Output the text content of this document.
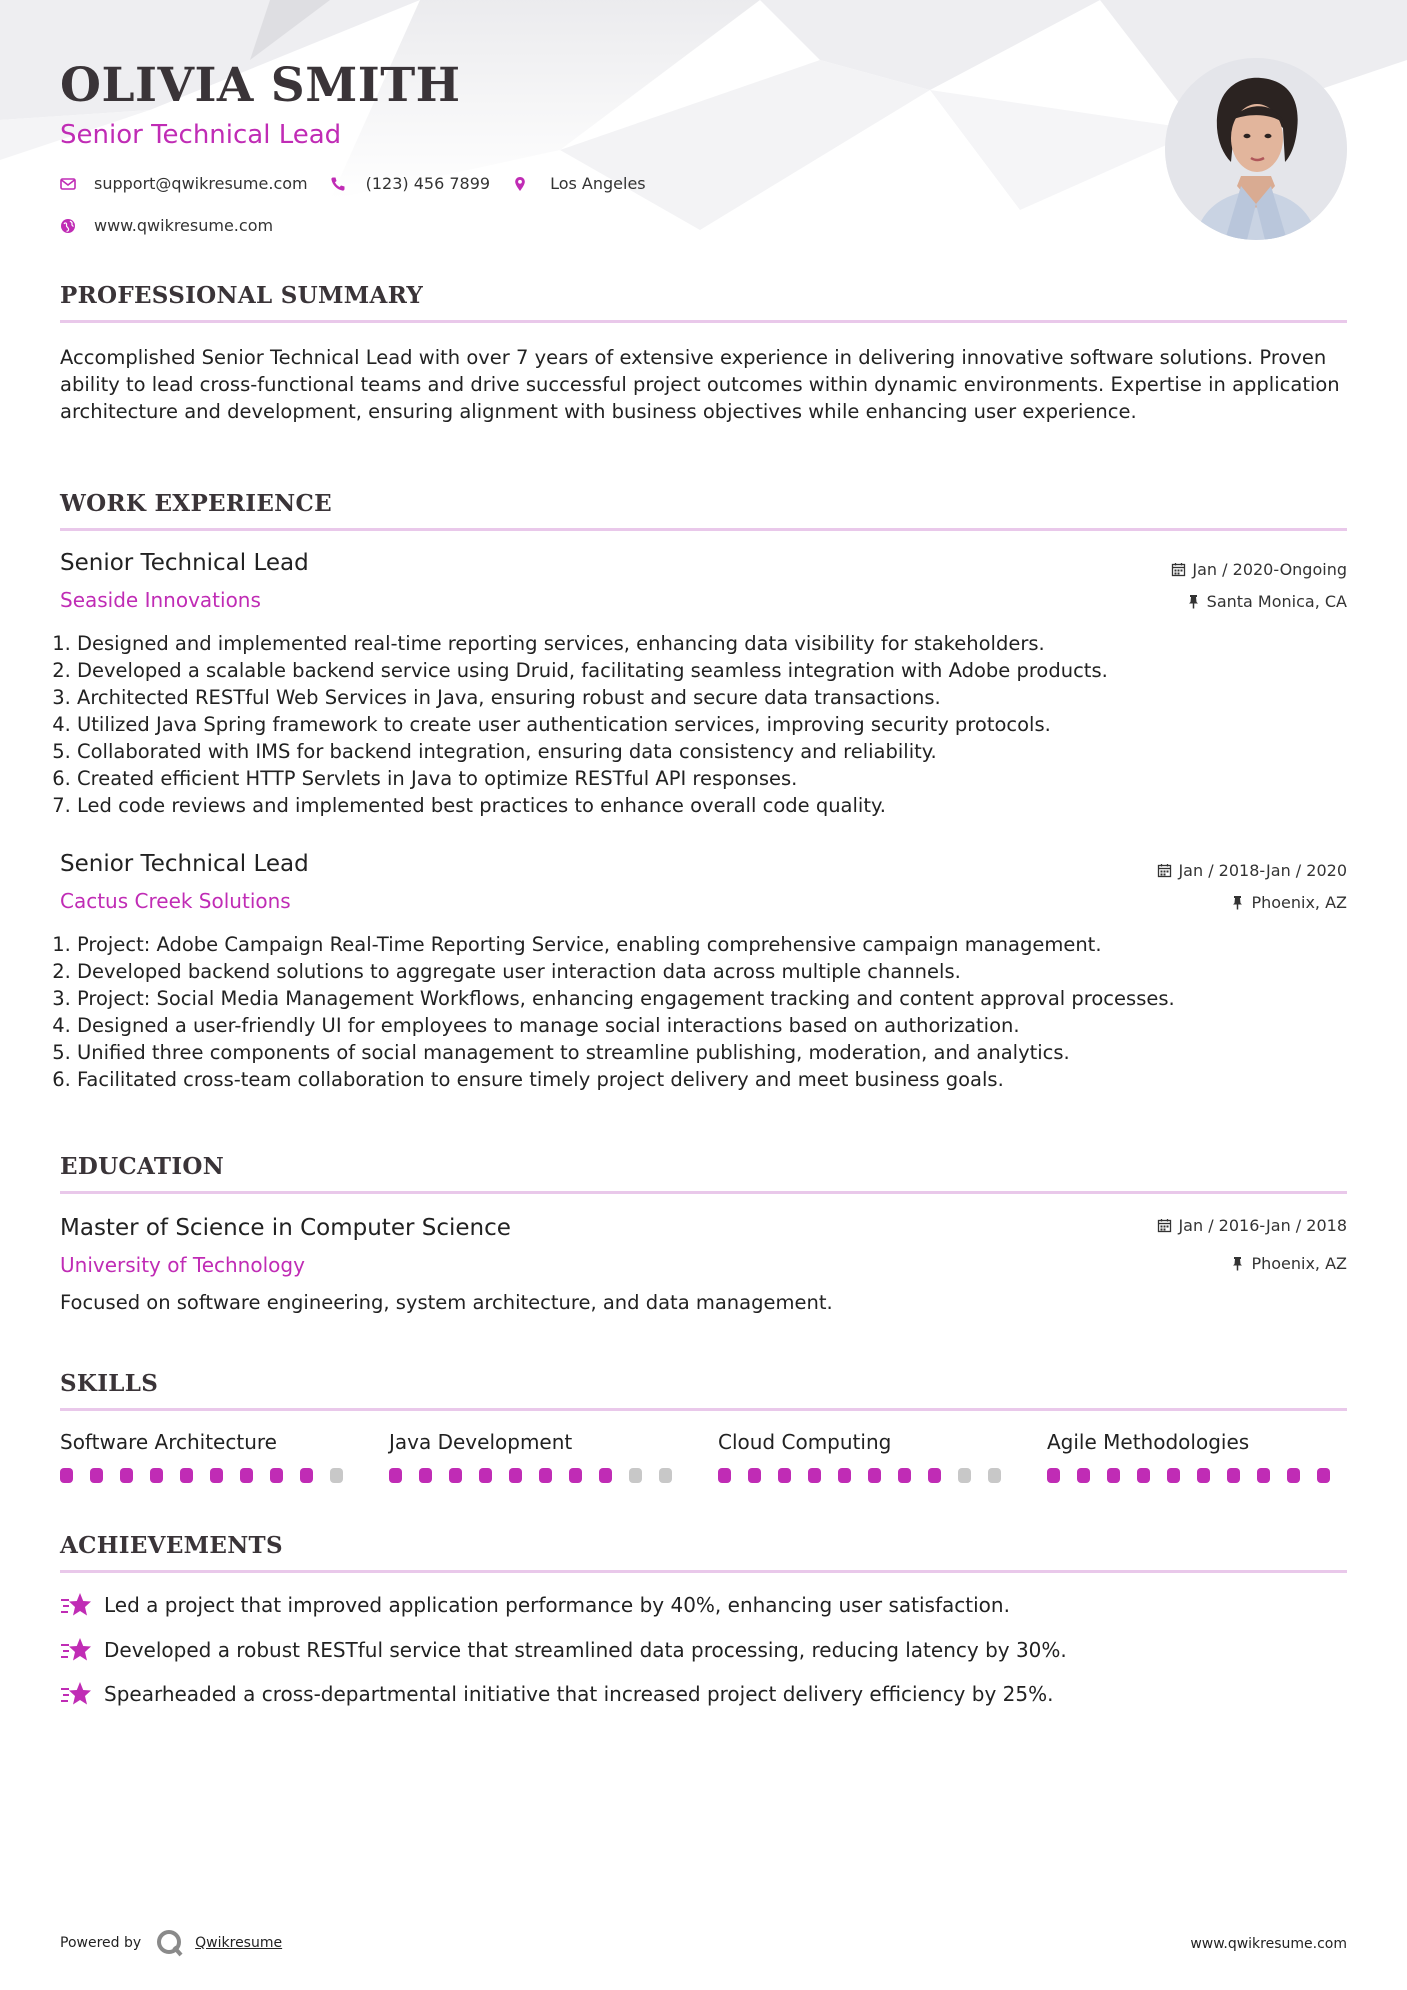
OLIVIA SMITH
Senior Technical Lead
support@qwikresume.com	(123) 456 7899	Los Angeles
www.qwikresume.com
PROFESSIONAL SUMMARY
Accomplished Senior Technical Lead with over 7 years of extensive experience in delivering innovative software solutions. Proven ability to lead cross-functional teams and drive successful project outcomes within dynamic environments. Expertise in application architecture and development, ensuring alignment with business objectives while enhancing user experience.
WORK EXPERIENCE
Senior Technical Lead
Seaside Innovations
Jan / 2020-Ongoing
Santa Monica, CA
1. Designed and implemented real-time reporting services, enhancing data visibility for stakeholders.
2. Developed a scalable backend service using Druid, facilitating seamless integration with Adobe products.
3. Architected RESTful Web Services in Java, ensuring robust and secure data transactions.
4. Utilized Java Spring framework to create user authentication services, improving security protocols.
5. Collaborated with IMS for backend integration, ensuring data consistency and reliability.
6. Created efficient HTTP Servlets in Java to optimize RESTful API responses.
7. Led code reviews and implemented best practices to enhance overall code quality.
Senior Technical Lead
Cactus Creek Solutions
Jan / 2018-Jan / 2020
Phoenix, AZ
1. Project: Adobe Campaign Real-Time Reporting Service, enabling comprehensive campaign management.
2. Developed backend solutions to aggregate user interaction data across multiple channels.
3. Project: Social Media Management Workflows, enhancing engagement tracking and content approval processes.
4. Designed a user-friendly UI for employees to manage social interactions based on authorization.
5. Unified three components of social management to streamline publishing, moderation, and analytics.
6. Facilitated cross-team collaboration to ensure timely project delivery and meet business goals.
EDUCATION
Master of Science in Computer Science
University of Technology
Jan / 2016-Jan / 2018
Phoenix, AZ
Focused on software engineering, system architecture, and data management.
SKILLS
Software Architecture	Java Development	Cloud Computing	Agile Methodologies
ACHIEVEMENTS
Led a project that improved application performance by 40%, enhancing user satisfaction.
Developed a robust RESTful service that streamlined data processing, reducing latency by 30%.
Spearheaded a cross-departmental initiative that increased project delivery efficiency by 25%.
Powered by	Qwikresume	www.qwikresume.com
